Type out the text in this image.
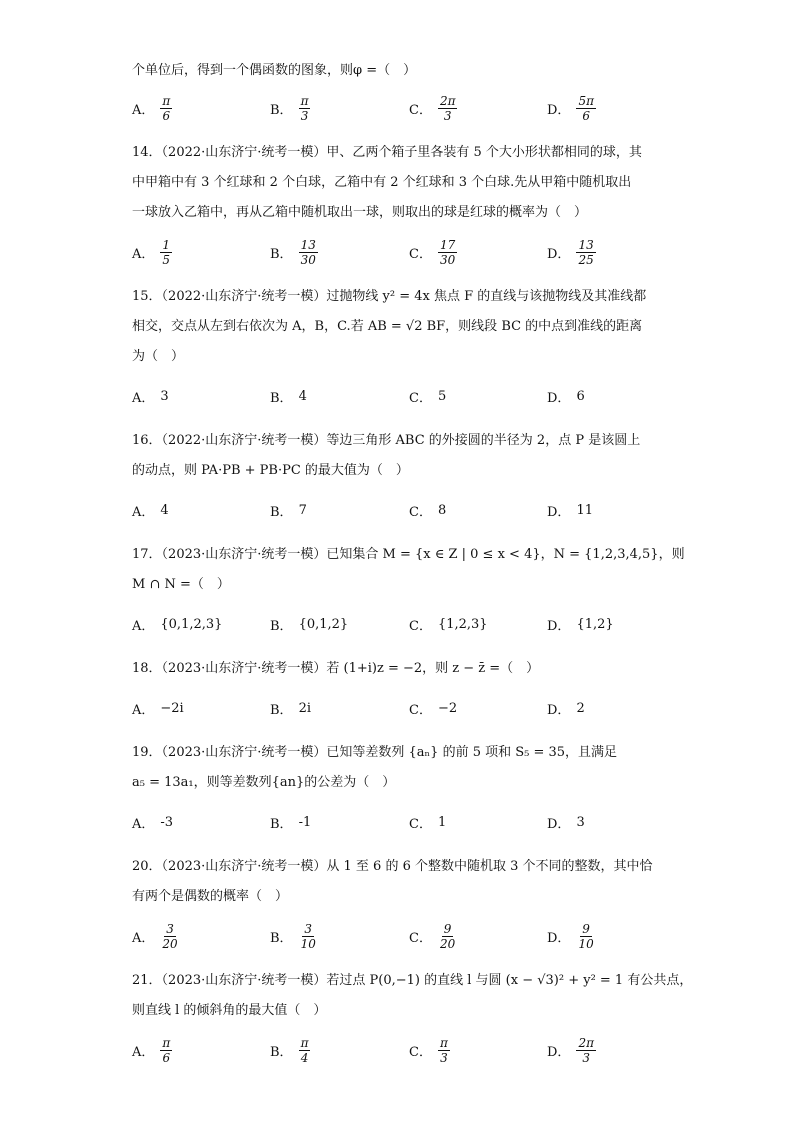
个单位后，得到一个偶函数的图象，则φ =（　）
A． $\frac{\pi}{6}$	B． $\frac{\pi}{3}$	C． $\frac{2\pi}{3}$	D． $\frac{5\pi}{6}$
14．（2022·山东济宁·统考一模）甲、乙两个箱子里各装有 5 个大小形状都相同的球，其
中甲箱中有 3 个红球和 2 个白球，乙箱中有 2 个红球和 3 个白球.先从甲箱中随机取出
一球放入乙箱中，再从乙箱中随机取出一球，则取出的球是红球的概率为（　）
A． $\frac{1}{5}$	B． $\frac{13}{30}$	C． $\frac{17}{30}$	D． $\frac{13}{25}$
15．（2022·山东济宁·统考一模）过抛物线 y² = 4x 焦点 F 的直线与该抛物线及其准线都
相交，交点从左到右依次为 A，B，C.若 AB = √2 BF，则线段 BC 的中点到准线的距离
为（　）
A． 3	B． 4	C． 5	D． 6
16．（2022·山东济宁·统考一模）等边三角形 ABC 的外接圆的半径为 2，点 P 是该圆上
的动点，则 PA·PB + PB·PC 的最大值为（　）
A． 4	B． 7	C． 8	D． 11
17．（2023·山东济宁·统考一模）已知集合 M = {x ∈ Z | 0 ≤ x < 4}，N = {1,2,3,4,5}，则
M ∩ N =（　）
A． {0,1,2,3}	B． {0,1,2}	C． {1,2,3}	D． {1,2}
18．（2023·山东济宁·统考一模）若 (1+i)z = −2，则 z − z̄ =（　）
A． −2i	B． 2i	C． −2	D． 2
19．（2023·山东济宁·统考一模）已知等差数列 {aₙ} 的前 5 项和 S₅ = 35，且满足
a₅ = 13a₁，则等差数列{an}的公差为（　）
A． -3	B． -1	C． 1	D． 3
20．（2023·山东济宁·统考一模）从 1 至 6 的 6 个整数中随机取 3 个不同的整数，其中恰
有两个是偶数的概率（　）
A． $\frac{3}{20}$	B． $\frac{3}{10}$	C． $\frac{9}{20}$	D． $\frac{9}{10}$
21．（2023·山东济宁·统考一模）若过点 P(0,−1) 的直线 l 与圆 (x − √3)² + y² = 1 有公共点，
则直线 l 的倾斜角的最大值（　）
A． $\frac{\pi}{6}$	B． $\frac{\pi}{4}$	C． $\frac{\pi}{3}$	D． $\frac{2\pi}{3}$
